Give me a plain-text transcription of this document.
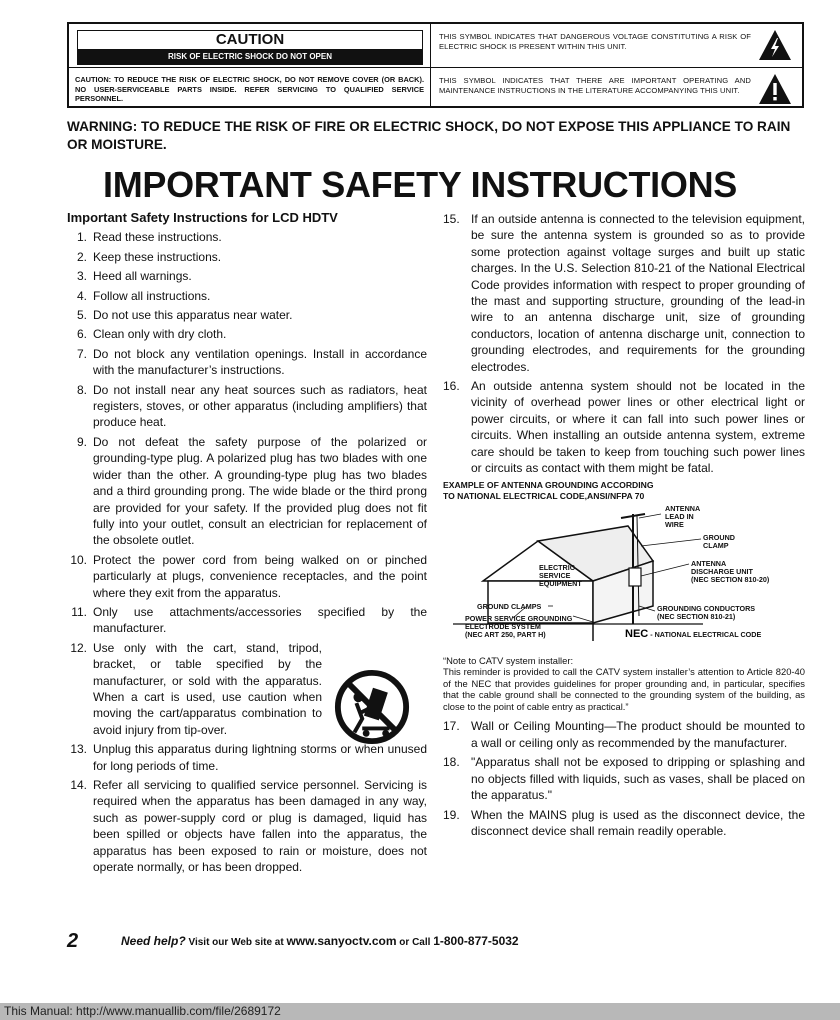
CAUTION
RISK OF ELECTRIC SHOCK DO NOT OPEN
THIS SYMBOL INDICATES THAT DANGEROUS VOLTAGE CONSTITUTING A RISK OF ELECTRIC SHOCK IS PRESENT WITHIN THIS UNIT.
CAUTION: TO REDUCE THE RISK OF ELECTRIC SHOCK, DO NOT REMOVE COVER (OR BACK). NO USER-SERVICEABLE PARTS INSIDE. REFER SERVICING TO QUALIFIED SERVICE PERSONNEL.
THIS SYMBOL INDICATES THAT THERE ARE IMPORTANT OPERATING AND MAINTENANCE INSTRUCTIONS IN THE LITERATURE ACCOMPANYING THIS UNIT.
WARNING: TO REDUCE THE RISK OF FIRE OR ELECTRIC SHOCK, DO NOT EXPOSE THIS APPLIANCE TO RAIN OR MOISTURE.
IMPORTANT SAFETY INSTRUCTIONS
Important Safety Instructions for LCD HDTV
1. Read these instructions.
2. Keep these instructions.
3. Heed all warnings.
4. Follow all instructions.
5. Do not use this apparatus near water.
6. Clean only with dry cloth.
7. Do not block any ventilation openings. Install in accordance with the manufacturer’s instructions.
8. Do not install near any heat sources such as radiators, heat registers, stoves, or other apparatus (including amplifiers) that produce heat.
9. Do not defeat the safety purpose of the polarized or grounding-type plug. A polarized plug has two blades with one wider than the other. A grounding-type plug has two blades and a third grounding prong. The wide blade or the third prong are provided for your safety. If the provided plug does not fit fully into your outlet, consult an electrician for replacement of the obsolete outlet.
10. Protect the power cord from being walked on or pinched particularly at plugs, convenience receptacles, and the point where they exit from the apparatus.
11. Only use attachments/accessories specified by the manufacturer.
12. Use only with the cart, stand, tripod, bracket, or table specified by the manufacturer, or sold with the apparatus. When a cart is used, use caution when moving the cart/apparatus combination to avoid injury from tip-over.
13. Unplug this apparatus during lightning storms or when unused for long periods of time.
14. Refer all servicing to qualified service personnel. Servicing is required when the apparatus has been damaged in any way, such as power-supply cord or plug is damaged, liquid has been spilled or objects have fallen into the apparatus, the apparatus has been exposed to rain or moisture, does not operate normally, or has been dropped.
15. If an outside antenna is connected to the television equipment, be sure the antenna system is grounded so as to provide some protection against voltage surges and built up static charges. In the U.S. Selection 810-21 of the National Electrical Code provides information with respect to proper grounding of the mast and supporting structure, grounding of the lead-in wire to an antenna discharge unit, size of grounding conductors, location of antenna discharge unit, connection to grounding electrodes, and requirements for the grounding electrodes.
16. An outside antenna system should not be located in the vicinity of overhead power lines or other electrical light or power circuits, or where it can fall into such power lines or circuits. When installing an outside antenna system, extreme care should be taken to keep from touching such power lines or circuits as contact with them might be fatal.
EXAMPLE OF ANTENNA GROUNDING ACCORDING
TO NATIONAL ELECTRICAL CODE,ANSI/NFPA 70
ANTENNA
LEAD IN
WIRE
GROUND
CLAMP
ANTENNA
DISCHARGE UNIT
(NEC SECTION 810-20)
ELECTRIC
SERVICE
EQUIPMENT
GROUND CLAMPS	GROUNDING CONDUCTORS
(NEC SECTION 810-21)
POWER SERVICE GROUNDING
ELECTRODE SYSTEM
(NEC ART 250, PART H)	NEC - NATIONAL ELECTRICAL CODE
“Note to CATV system installer:
This reminder is provided to call the CATV system installer’s attention to Article 820-40 of the NEC that provides guidelines for proper grounding and, in particular, specifies that the cable ground shall be connected to the grounding system of the building, as close to the point of cable entry as practical.”
17. Wall or Ceiling Mounting—The product should be mounted to a wall or ceiling only as recommended by the manufacturer.
18. "Apparatus shall not be exposed to dripping or splashing and no objects filled with liquids, such as vases, shall be placed on the apparatus."
19. When the MAINS plug is used as the disconnect device, the disconnect device shall remain readily operable.
2	Need help? Visit our Web site at www.sanyoctv.com or Call 1-800-877-5032
This Manual: http://www.manuallib.com/file/2689172
